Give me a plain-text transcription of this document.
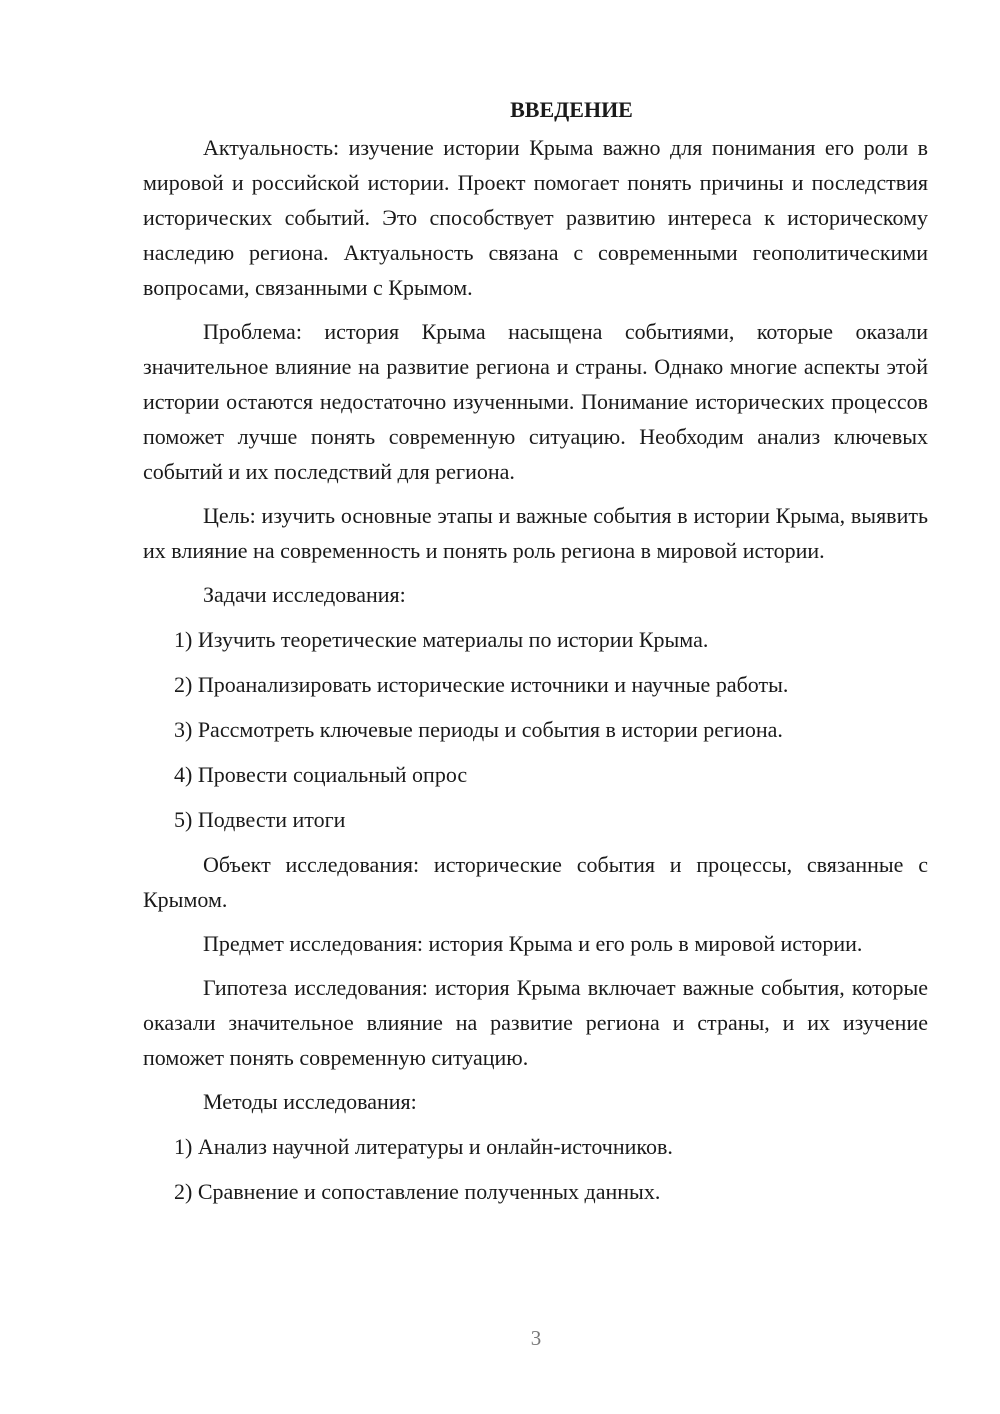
ВВЕДЕНИЕ

Актуальность: изучение истории Крыма важно для понимания его роли в мировой и российской истории. Проект помогает понять причины и последствия исторических событий. Это способствует развитию интереса к историческому наследию региона. Актуальность связана с современными геополитическими вопросами, связанными с Крымом.

Проблема: история Крыма насыщена событиями, которые оказали значительное влияние на развитие региона и страны. Однако многие аспекты этой истории остаются недостаточно изученными. Понимание исторических процессов поможет лучше понять современную ситуацию. Необходим анализ ключевых событий и их последствий для региона.

Цель: изучить основные этапы и важные события в истории Крыма, выявить их влияние на современность и понять роль региона в мировой истории.

Задачи исследования:

1) Изучить теоретические материалы по истории Крыма.

2) Проанализировать исторические источники и научные работы.

3) Рассмотреть ключевые периоды и события в истории региона.

4) Провести социальный опрос

5) Подвести итоги

Объект исследования: исторические события и процессы, связанные с Крымом.

Предмет исследования: история Крыма и его роль в мировой истории.

Гипотеза исследования: история Крыма включает важные события, которые оказали значительное влияние на развитие региона и страны, и их изучение поможет понять современную ситуацию.

Методы исследования:

1) Анализ научной литературы и онлайн-источников.

2) Сравнение и сопоставление полученных данных.

3
